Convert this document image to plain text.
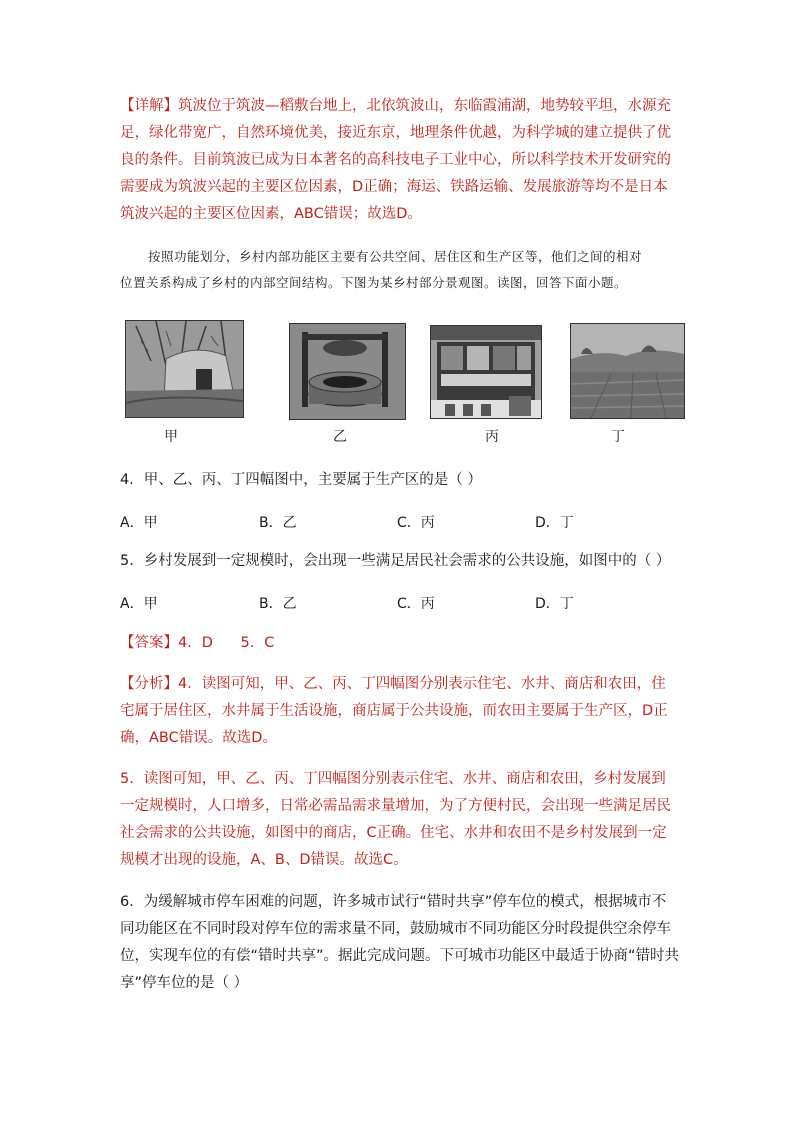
【详解】筑波位于筑波—稻敷台地上，北依筑波山，东临霞浦湖，地势较平坦，水源充足，绿化带宽广，自然环境优美，接近东京，地理条件优越，为科学城的建立提供了优良的条件。目前筑波已成为日本著名的高科技电子工业中心，所以科学技术开发研究的需要成为筑波兴起的主要区位因素，D正确；海运、铁路运输、发展旅游等均不是日本筑波兴起的主要区位因素，ABC错误；故选D。
按照功能划分，乡村内部功能区主要有公共空间、居住区和生产区等，他们之间的相对
位置关系构成了乡村的内部空间结构。下图为某乡村部分景观图。读图，回答下面小题。
甲	乙	丙	丁
4．甲、乙、丙、丁四幅图中，主要属于生产区的是（ ）
A．甲	B．乙	C．丙	D．丁
5．乡村发展到一定规模时，会出现一些满足居民社会需求的公共设施，如图中的（ ）
A．甲	B．乙	C．丙	D．丁
【答案】4．D      5．C
【分析】4．读图可知，甲、乙、丙、丁四幅图分别表示住宅、水井、商店和农田，住宅属于居住区，水井属于生活设施，商店属于公共设施，而农田主要属于生产区，D正确，ABC错误。故选D。
5．读图可知，甲、乙、丙、丁四幅图分别表示住宅、水井、商店和农田，乡村发展到一定规模时，人口增多，日常必需品需求量增加，为了方便村民，会出现一些满足居民社会需求的公共设施，如图中的商店，C正确。住宅、水井和农田不是乡村发展到一定规模才出现的设施，A、B、D错误。故选C。
6．为缓解城市停车困难的问题，许多城市试行“错时共享”停车位的模式，根据城市不同功能区在不同时段对停车位的需求量不同，鼓励城市不同功能区分时段提供空余停车位，实现车位的有偿“错时共享”。据此完成问题。下可城市功能区中最适于协商“错时共享”停车位的是（ ）
